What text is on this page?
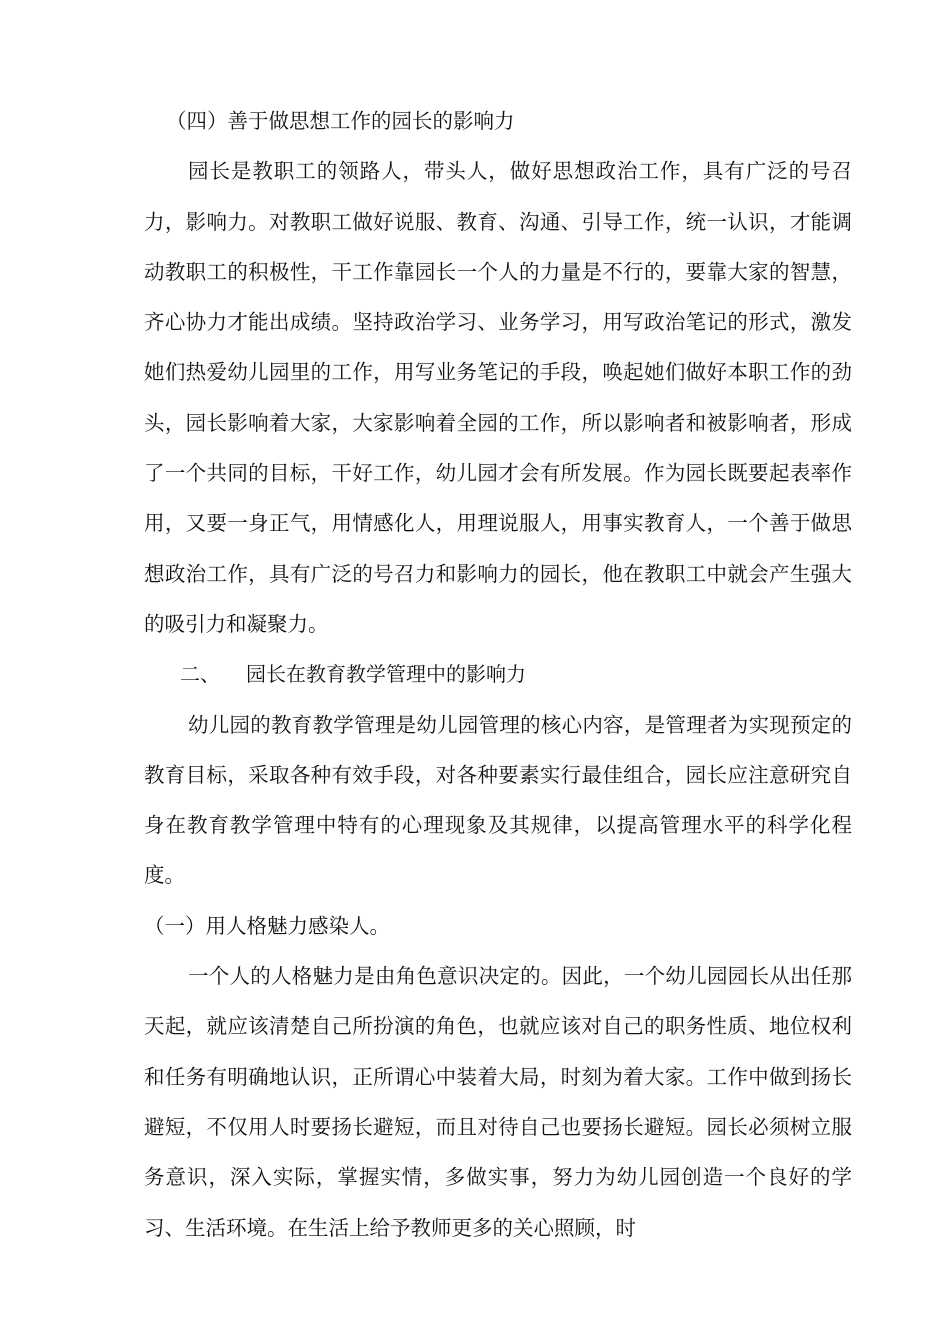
（四）善于做思想工作的园长的影响力

园长是教职工的领路人，带头人，做好思想政治工作，具有广泛的号召力，影响力。对教职工做好说服、教育、沟通、引导工作，统一认识，才能调动教职工的积极性，干工作靠园长一个人的力量是不行的，要靠大家的智慧，齐心协力才能出成绩。坚持政治学习、业务学习，用写政治笔记的形式，激发她们热爱幼儿园里的工作，用写业务笔记的手段，唤起她们做好本职工作的劲头，园长影响着大家，大家影响着全园的工作，所以影响者和被影响者，形成了一个共同的目标，干好工作，幼儿园才会有所发展。作为园长既要起表率作用，又要一身正气，用情感化人，用理说服人，用事实教育人，一个善于做思想政治工作，具有广泛的号召力和影响力的园长，他在教职工中就会产生强大的吸引力和凝聚力。

二、 园长在教育教学管理中的影响力

幼儿园的教育教学管理是幼儿园管理的核心内容，是管理者为实现预定的教育目标，采取各种有效手段，对各种要素实行最佳组合，园长应注意研究自身在教育教学管理中特有的心理现象及其规律，以提高管理水平的科学化程度。

（一）用人格魅力感染人。

一个人的人格魅力是由角色意识决定的。因此，一个幼儿园园长从出任那天起，就应该清楚自己所扮演的角色，也就应该对自己的职务性质、地位权利和任务有明确地认识，正所谓心中装着大局，时刻为着大家。工作中做到扬长避短，不仅用人时要扬长避短，而且对待自己也要扬长避短。园长必须树立服务意识，深入实际，掌握实情，多做实事，努力为幼儿园创造一个良好的学习、生活环境。在生活上给予教师更多的关心照顾，时
